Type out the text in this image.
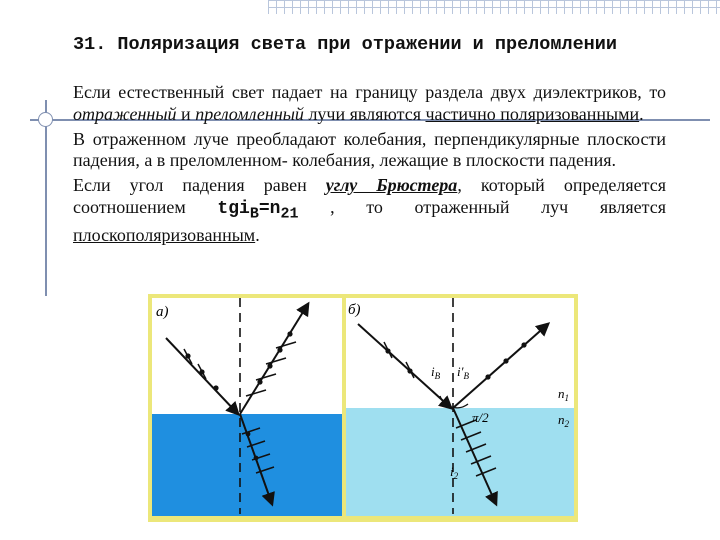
31. Поляризация света при отражении и преломлении

Если естественный свет падает на границу раздела двух диэлектриков, то отраженный и преломленный лучи являются частично поляризованными.

В отраженном луче преобладают колебания, перпендикулярные плоскости падения, а в преломленном- колебания, лежащие в плоскости падения.

Если угол падения равен углу Брюстера, который определяется соотношением $tgi_B=n_{21}$ , то отраженный луч является плоскополяризованным.

а)	б)
$i_B$ $i'_B$
$n_1$
$n_2$
π/2
$i_2$
